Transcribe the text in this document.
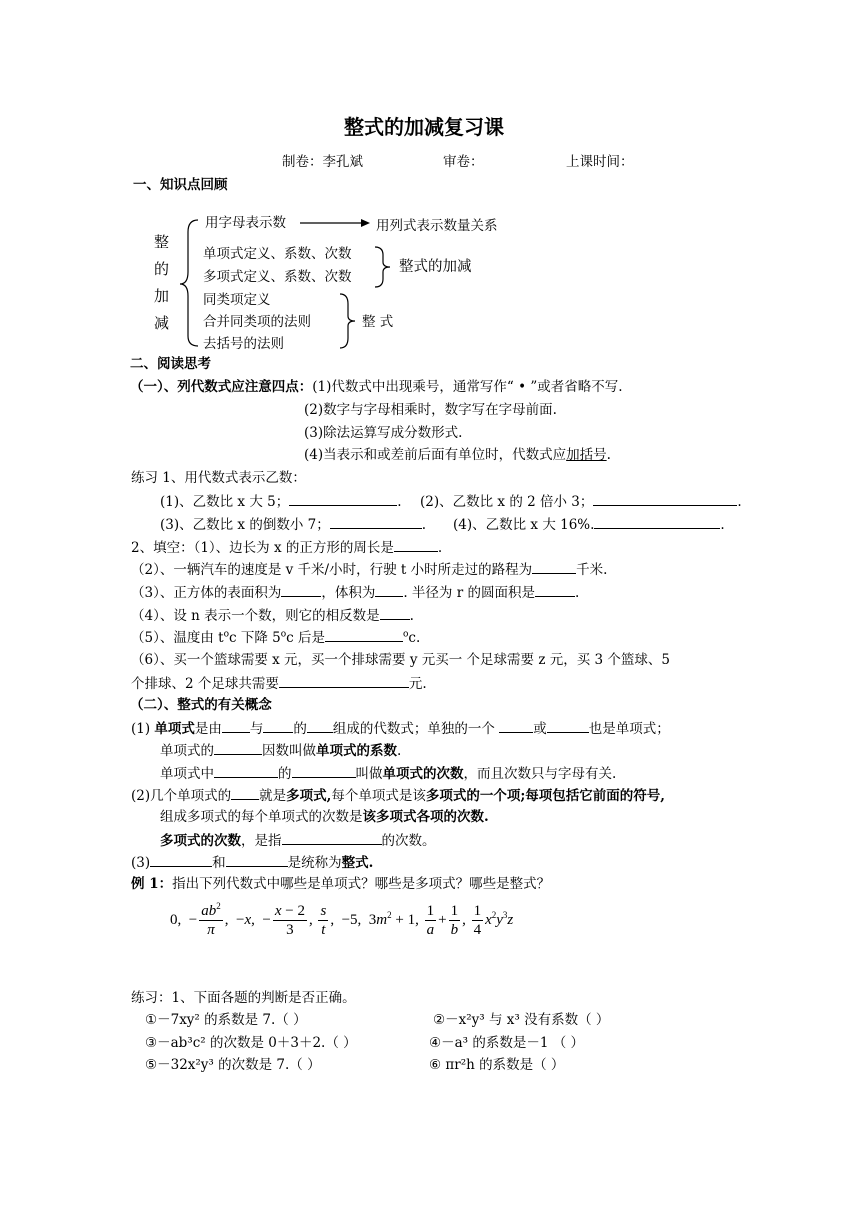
整式的加减复习课
制卷：李孔斌	审卷：	上课时间：
一、知识点回顾
整
的
加
减
用字母表示数	用列式表示数量关系
单项式定义、系数、次数
多项式定义、系数、次数
整式的加减
同类项定义
合并同类项的法则
去括号的法则
整 式
二、阅读思考
（一）、列代数式应注意四点：(1)代数式中出现乘号，通常写作“ • ”或者省略不写.
(2)数字与字母相乘时，数字写在字母前面.
(3)除法运算写成分数形式.
(4)当表示和或差前后面有单位时，代数式应加括号.
练习 1、用代数式表示乙数：
(1)、乙数比 x 大 5；	. (2)、乙数比 x 的 2 倍小 3；	.
(3)、乙数比 x 的倒数小 7；	. (4)、乙数比 x 大 16%.	.
2、填空：（1）、边长为 x 的正方形的周长是	.
（2）、一辆汽车的速度是 v 千米/小时，行驶 t 小时所走过的路程为	千米.
（3）、正方体的表面积为	，体积为 . 半径为 r 的圆面积是	.
（4）、设 n 表示一个数，则它的相反数是 .
（5）、温度由 $t^oc$ 下降 5$^o$c 后是	$^o$c.
（6）、买一个篮球需要 x 元，买一个排球需要 y 元买一 个足球需要 z 元，买 3 个篮球、5
个排球、2 个足球共需要	元.
（二）、整式的有关概念
(1) 单项式是由 与 的 组成的代数式；单独的一个	或	也是单项式；
单项式的	因数叫做单项式的系数.
单项式中	的	叫做单项式的次数，而且次数只与字母有关.
(2)几个单项式的 就是多项式,每个单项式是该多项式的一个项;每项包括它前面的符号,
组成多项式的每个单项式的次数是该多项式各项的次数.
多项式的次数，是指	的次数。
(3)	和	是统称为整式.
例 1：指出下列代数式中哪些是单项式？哪些是多项式？哪些是整式？
0,  − $\frac{ab^2}{\pi}$ ,  −x,  − $\frac{x - 2}{3}$ , $\frac{s}{t}$ ,  −5,  $3m^2 + 1$, $\frac{1}{a} + \frac{1}{b}$ , $\frac{1}{4} x^2y^3z$
练习：1、下面各题的判断是否正确。
①－7xy² 的系数是 7.（ ）	②－x²y³ 与 x³ 没有系数（ ）
③－ab³c² 的次数是 0＋3＋2.（ ）	④－a³ 的系数是－1 （ ）
⑤－32x²y³ 的次数是 7.（ ）	⑥ πr²h 的系数是（ ）
